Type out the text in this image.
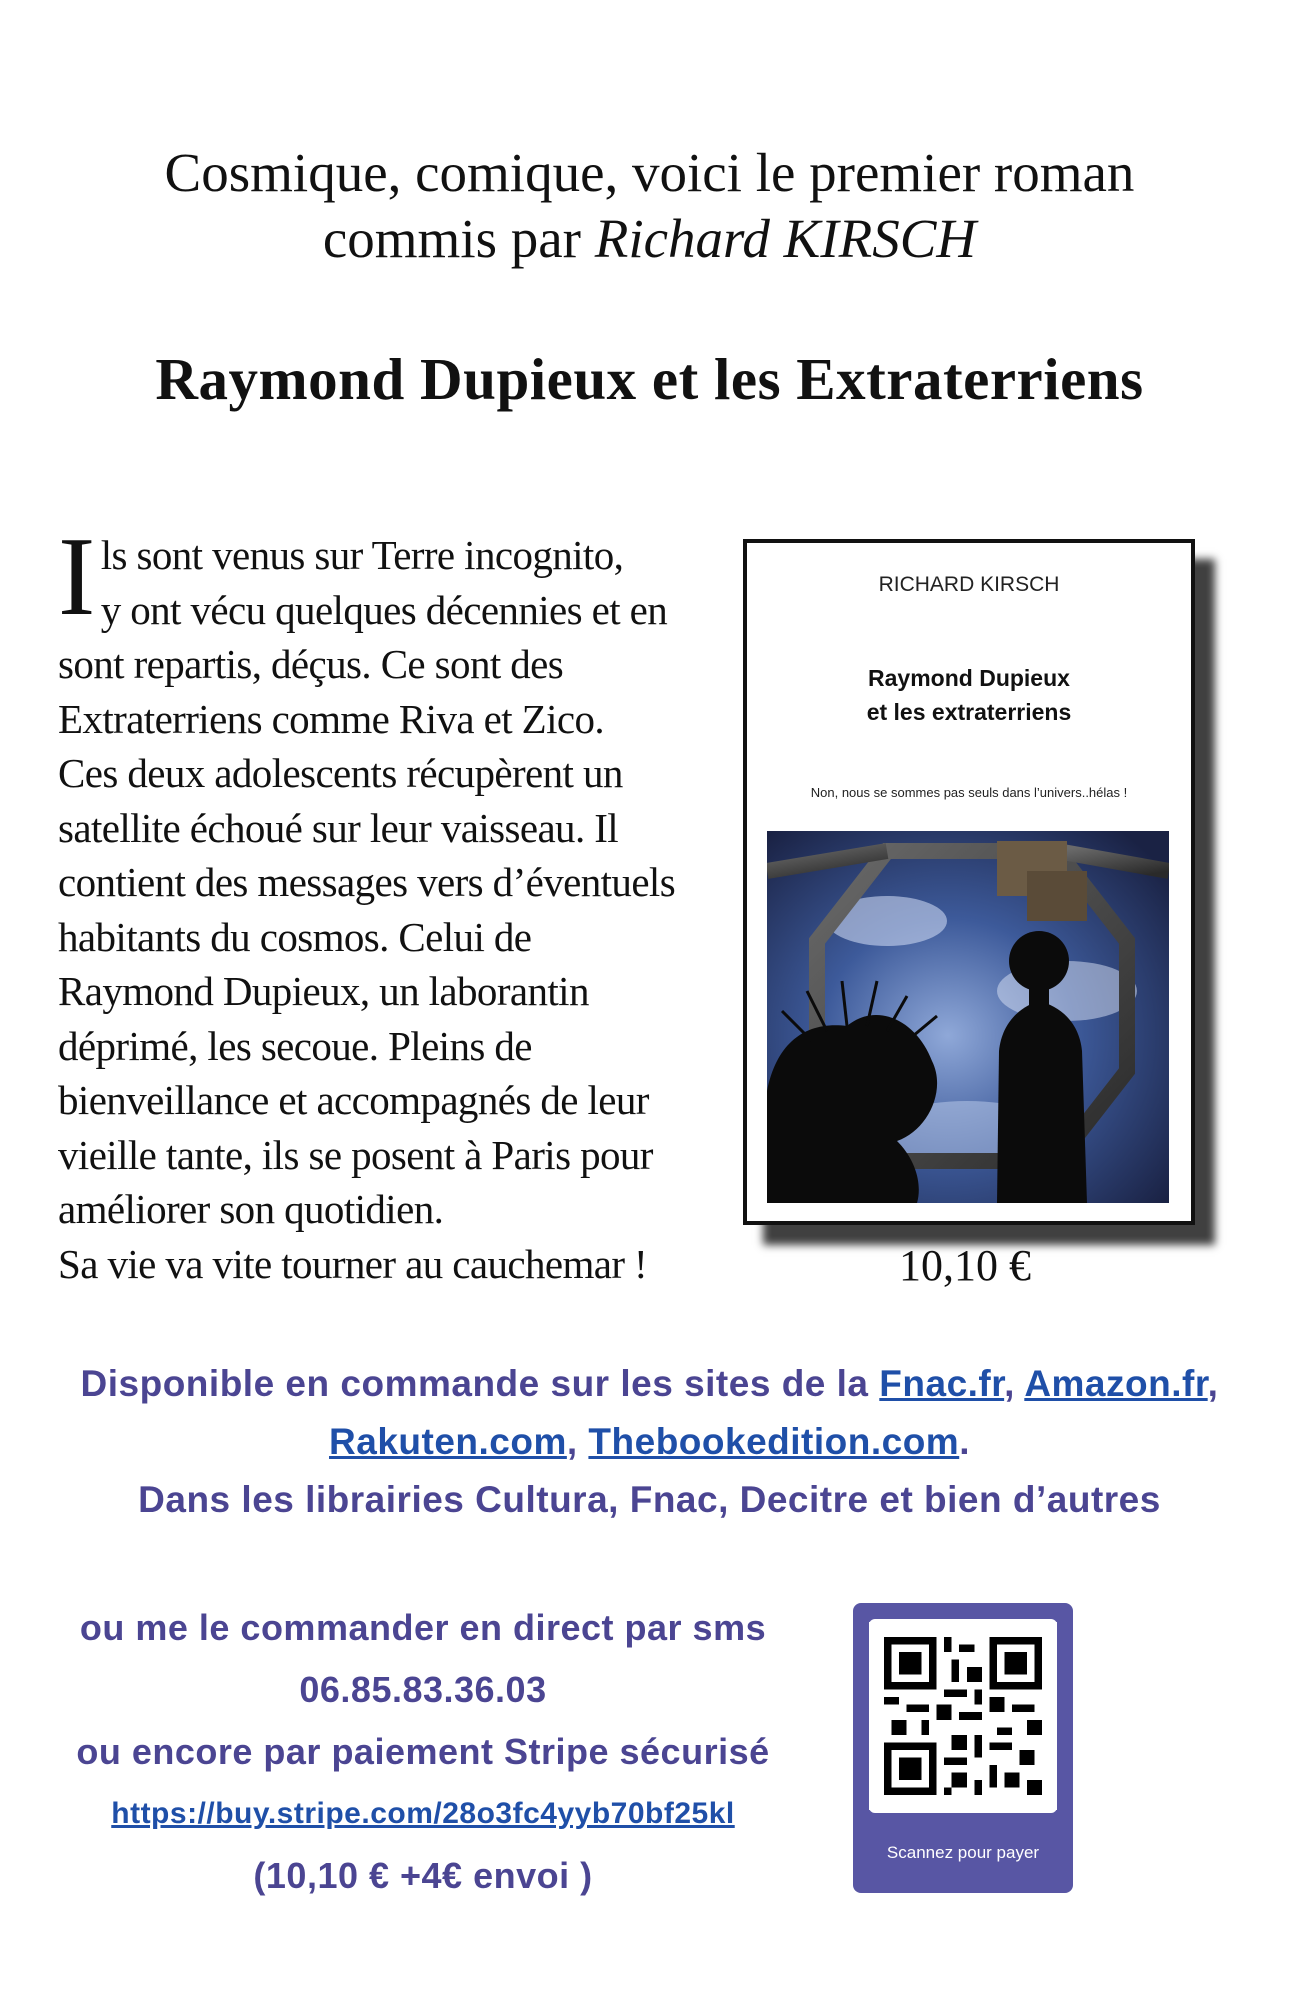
Cosmique, comique, voici le premier roman
commis par Richard KIRSCH
Raymond Dupieux et les Extraterriens
I ls sont venus sur Terre incognito,

y ont vécu quelques décennies et en

sont repartis, déçus. Ce sont des

Extraterriens comme Riva et Zico.

Ces deux adolescents récupèrent un

satellite échoué sur leur vaisseau. Il

contient des messages vers d’éventuels

habitants du cosmos. Celui de

Raymond Dupieux, un laborantin

déprimé, les secoue. Pleins de

bienveillance et accompagnés de leur

vieille tante, ils se posent à Paris pour

améliorer son quotidien.

Sa vie va vite tourner au cauchemar !

RICHARD KIRSCH
Raymond Dupieux
et les extraterriens
Non, nous se sommes pas seuls dans l’univers..hélas !
10,10 €
Disponible en commande sur les sites de la Fnac.fr, Amazon.fr,
Rakuten.com, Thebookedition.com.
Dans les librairies Cultura, Fnac, Decitre et bien d’autres
ou me le commander en direct par sms
06.85.83.36.03
ou encore par paiement Stripe sécurisé
https://buy.stripe.com/28o3fc4yyb70bf25kl
(10,10 € +4€ envoi )
Scannez pour payer
